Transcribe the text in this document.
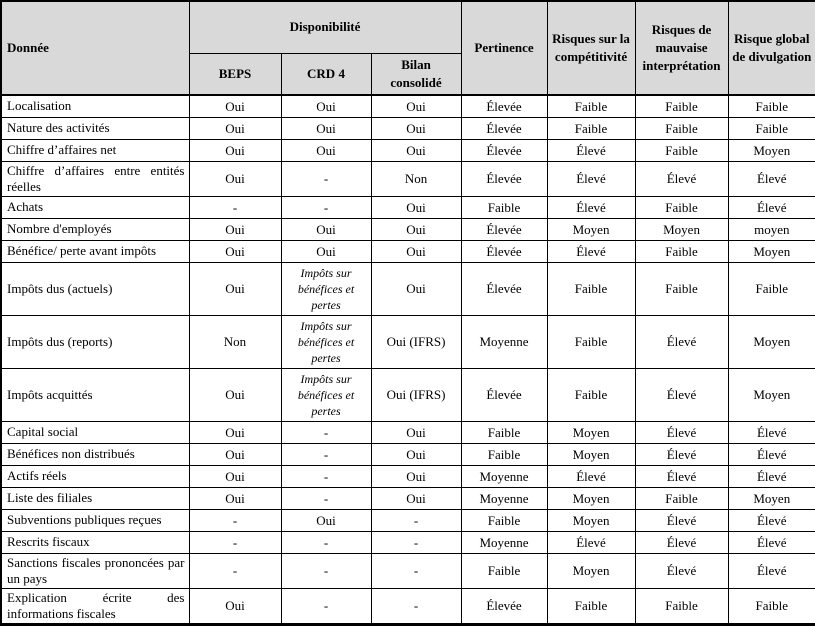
Donnée	Disponibilité			Pertinence	Risques sur la compétitivité	Risques de mauvaise interprétation	Risque global de divulgation
	BEPS	CRD 4	Bilan consolidé				
Localisation	Oui	Oui	Oui	Élevée	Faible	Faible	Faible
Nature des activités	Oui	Oui	Oui	Élevée	Faible	Faible	Faible
Chiffre d’affaires net	Oui	Oui	Oui	Élevée	Élevé	Faible	Moyen
Chiffre d’affaires entre entités réelles	Oui	-	Non	Élevée	Élevé	Élevé	Élevé
Achats	-	-	Oui	Faible	Élevé	Faible	Élevé
Nombre d'employés	Oui	Oui	Oui	Élevée	Moyen	Moyen	moyen
Bénéfice/ perte avant impôts	Oui	Oui	Oui	Élevée	Élevé	Faible	Moyen
Impôts dus (actuels)	Oui	Impôts sur bénéfices et pertes	Oui	Élevée	Faible	Faible	Faible
Impôts dus (reports)	Non	Impôts sur bénéfices et pertes	Oui (IFRS)	Moyenne	Faible	Élevé	Moyen
Impôts acquittés	Oui	Impôts sur bénéfices et pertes	Oui (IFRS)	Élevée	Faible	Élevé	Moyen
Capital social	Oui	-	Oui	Faible	Moyen	Élevé	Élevé
Bénéfices non distribués	Oui	-	Oui	Faible	Moyen	Élevé	Élevé
Actifs réels	Oui	-	Oui	Moyenne	Élevé	Élevé	Élevé
Liste des filiales	Oui	-	Oui	Moyenne	Moyen	Faible	Moyen
Subventions publiques reçues	-	Oui	-	Faible	Moyen	Élevé	Élevé
Rescrits fiscaux	-	-	-	Moyenne	Élevé	Élevé	Élevé
Sanctions fiscales prononcées par un pays	-	-	-	Faible	Moyen	Élevé	Élevé
Explication écrite des informations fiscales	Oui	-	-	Élevée	Faible	Faible	Faible
